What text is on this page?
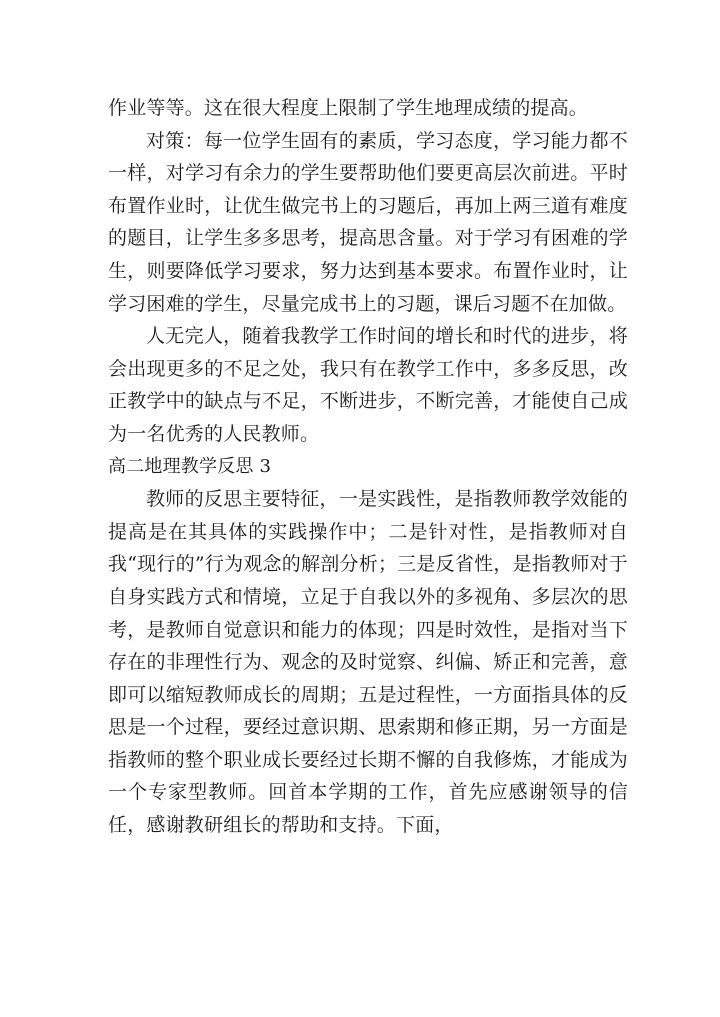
作业等等。这在很大程度上限制了学生地理成绩的提高。

对策：每一位学生固有的素质，学习态度，学习能力都不一样，对学习有余力的学生要帮助他们要更高层次前进。平时布置作业时，让优生做完书上的习题后，再加上两三道有难度的题目，让学生多多思考，提高思含量。对于学习有困难的学生，则要降低学习要求，努力达到基本要求。布置作业时，让学习困难的学生，尽量完成书上的习题，课后习题不在加做。

人无完人，随着我教学工作时间的增长和时代的进步，将会出现更多的不足之处，我只有在教学工作中，多多反思，改正教学中的缺点与不足，不断进步，不断完善，才能使自己成为一名优秀的人民教师。

高二地理教学反思 3

教师的反思主要特征，一是实践性，是指教师教学效能的提高是在其具体的实践操作中；二是针对性，是指教师对自我“现行的”行为观念的解剖分析；三是反省性，是指教师对于自身实践方式和情境，立足于自我以外的多视角、多层次的思考，是教师自觉意识和能力的体现；四是时效性，是指对当下存在的非理性行为、观念的及时觉察、纠偏、矫正和完善，意即可以缩短教师成长的周期；五是过程性，一方面指具体的反思是一个过程，要经过意识期、思索期和修正期，另一方面是指教师的整个职业成长要经过长期不懈的自我修炼，才能成为一个专家型教师。回首本学期的工作，首先应感谢领导的信任，感谢教研组长的帮助和支持。下面，
